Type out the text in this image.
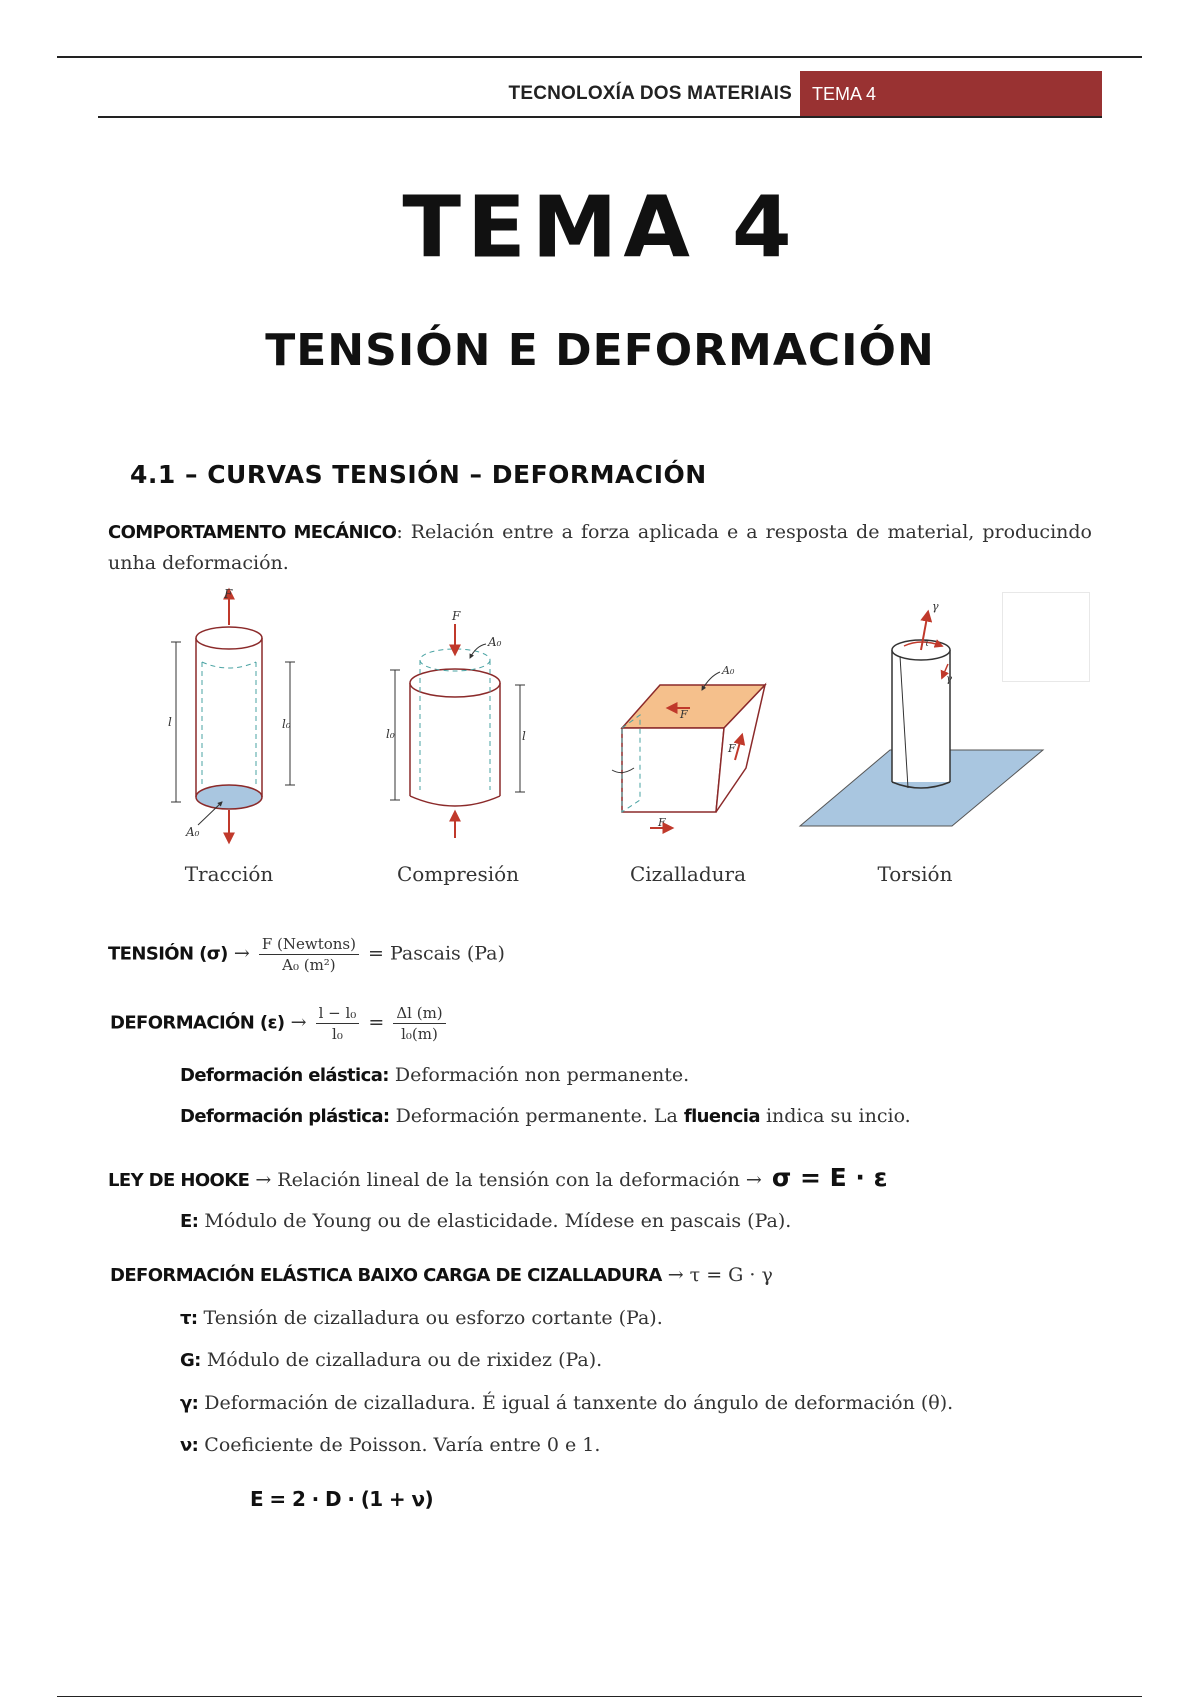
TECNOLOXÍA DOS MATERIAIS TEMA 4
TEMA 4
TENSIÓN E DEFORMACIÓN
4.1 – CURVAS TENSIÓN – DEFORMACIÓN
COMPORTAMENTO MECÁNICO: Relación entre a forza aplicada e a resposta de material, producindo unha deformación.
F
l	l₀
A₀
F
A₀
l₀	l
A₀
F
F
F
γ
τ
γ
Tracción	Compresión	Cizalladura	Torsión
TENSIÓN $(\sigma) \to \frac{\text{F (Newtons)}}{\text{A₀ (m²)}}$ = Pascais (Pa)
DEFORMACIÓN $(\varepsilon) \to \frac{\text{l − l₀}}{\text{l₀}} = \frac{\Delta l (m)}{\text{l₀(m)}}$
Deformación elástica: Deformación non permanente.
Deformación plástica: Deformación permanente. La fluencia indica su incio.
LEY DE HOOKE → Relación lineal de la tensión con la deformación → σ = E · ε
E: Módulo de Young ou de elasticidade. Mídese en pascais (Pa).
DEFORMACIÓN ELÁSTICA BAIXO CARGA DE CIZALLADURA → τ = G · γ
τ: Tensión de cizalladura ou esforzo cortante (Pa).
G: Módulo de cizalladura ou de rixidez (Pa).
γ: Deformación de cizalladura. É igual á tanxente do ángulo de deformación (θ).
ν: Coeficiente de Poisson. Varía entre 0 e 1.
E = 2 · D · (1 + ν)
